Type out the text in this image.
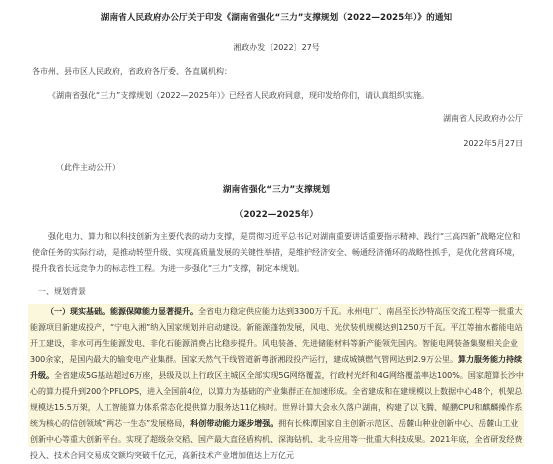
湖南省人民政府办公厅关于印发《湖南省强化“三力”支撑规划（2022—2025年）》的通知
湘政办发〔2022〕27号
各市州、县市区人民政府，省政府各厅委、各直属机构：

《湖南省强化“三力”支撑规划（2022—2025年）》已经省人民政府同意，现印发给你们，请认真组织实施。

湖南省人民政府办公厅
2022年5月27日
（此件主动公开）
湖南省强化“三力”支撑规划
（2022—2025年）

强化电力、算力和以科技创新为主要代表的动力支撑，是贯彻习近平总书记对湖南重要讲话重要指示精神、践行“三高四新”战略定位和使命任务的实际行动，是推动转型升级、实现高质量发展的关键性举措，是维护经济安全、畅通经济循环的战略性抓手，是优化营商环境，提升我省长远竞争力的标志性工程。为进一步强化“三力”支撑，制定本规划。

一、规划背景

（一）现实基础。能源保障能力显著提升。全省电力稳定供应能力达到3300万千瓦。永州电厂、南昌至长沙特高压交流工程等一批重大能源项目新建成投产，“宁电入湘”纳入国家规划并启动建设。新能源蓬勃发展，风电、光伏装机规模达到1250万千瓦。平江等抽水蓄能电站开工建设，非水可再生能源发电、非化石能源消费占比稳步提升。风电装备、先进储能材料等新产能领先国内。智能电网装备集聚相关企业300余家，是国内最大的输变电产业集群。国家天然气干线管道新粤浙湘段投产运行，建成城镇燃气管网达到2.9万公里。算力服务能力持续升级。全省建成5G基站超过6万座，县级及以上行政区主城区全部实现5G网络覆盖，行政村光纤和4G网络覆盖率达100%。国家超算长沙中心的算力提升到200个PFLOPS，进入全国前4位，以算力为基础的产业集群正在加速形成。全省建成和在建规模以上数据中心48个，机架总规模达15.5万架，人工智能算力体系常态化提供算力服务达11亿核时。世界计算大会永久落户湖南，构建了以飞腾、鲲鹏CPU和麒麟操作系统为核心的信创领域“两芯一生态”发展格局，科创带动能力逐步增强。拥有长株潭国家自主创新示范区、岳麓山种业创新中心、岳麓山工业创新中心等重大创新平台。实现了超级杂交稻、国产最大直径盾构机、深海钻机、北斗应用等一批重大科技成果。2021年底，全省研发经费投入、技术合同交易成交额均突破千亿元，高新技术产业增加值达上万亿元
